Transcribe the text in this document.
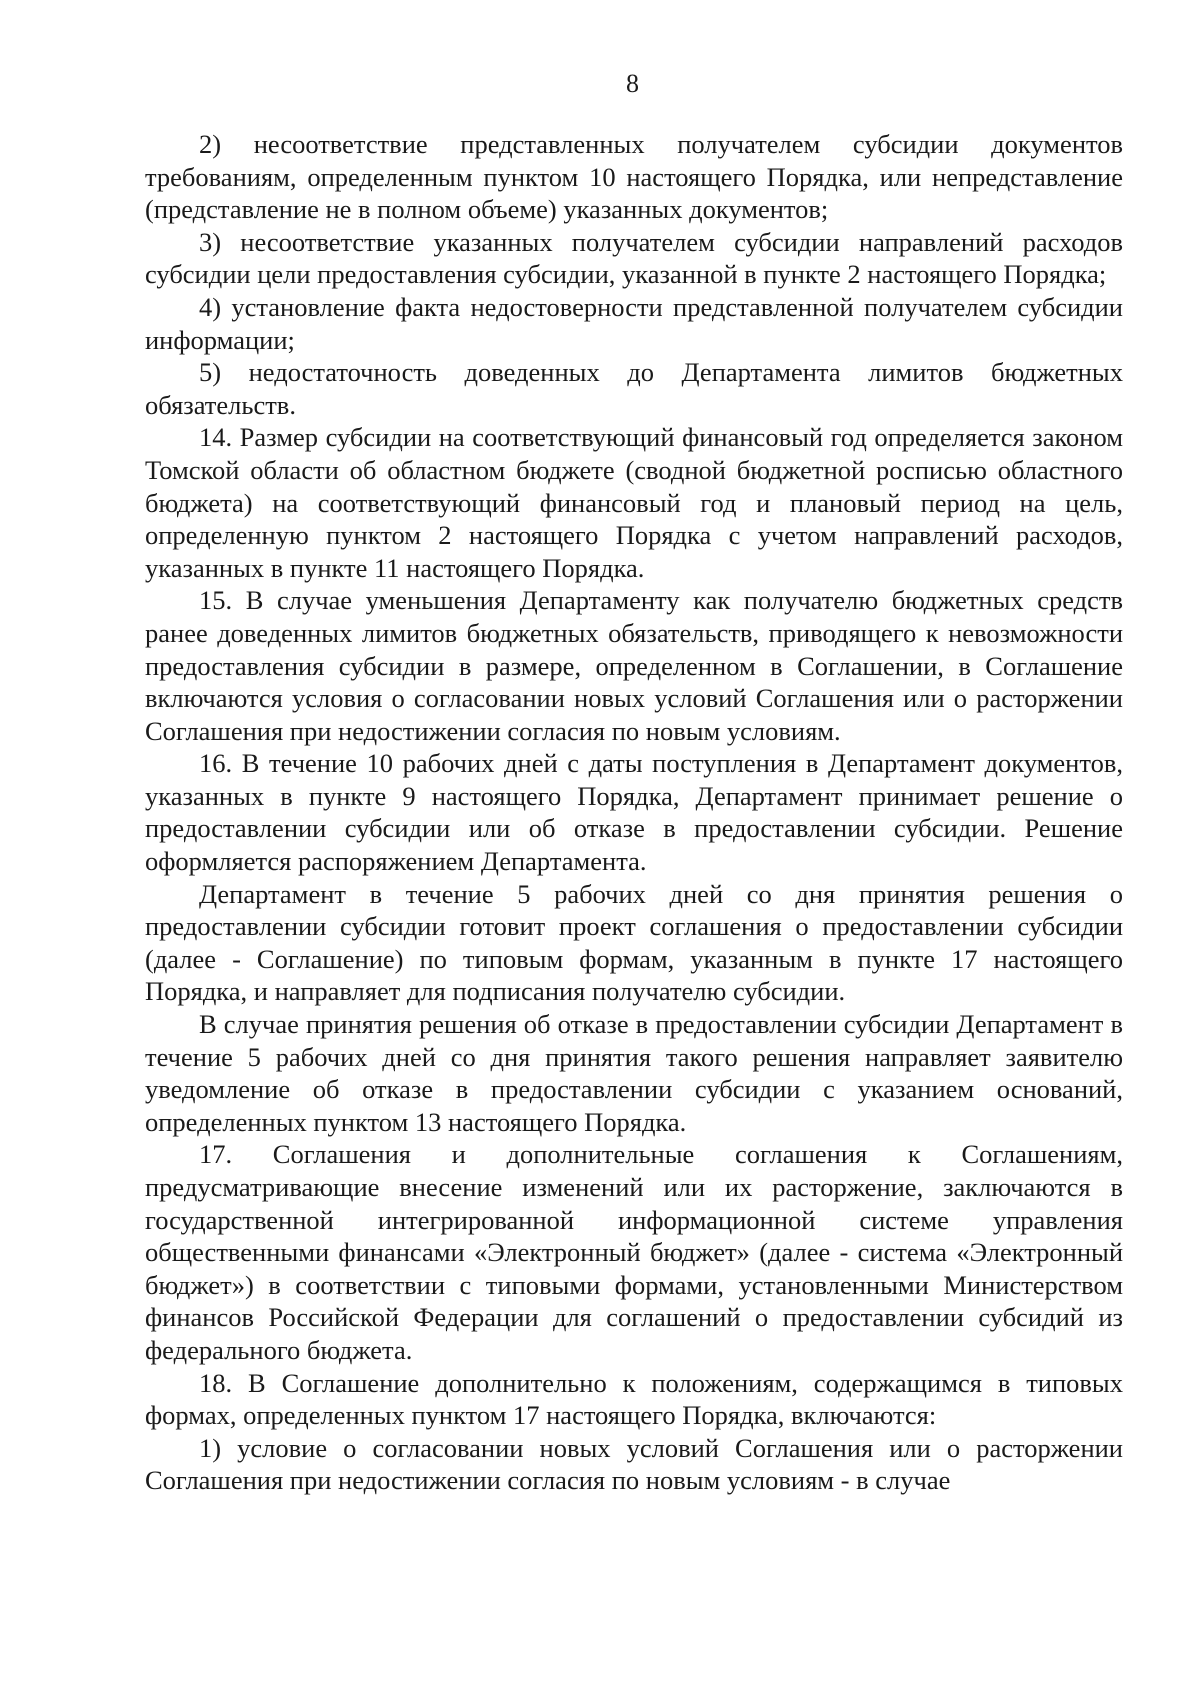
8

2) несоответствие представленных получателем субсидии документов требованиям, определенным пунктом 10 настоящего Порядка, или непредставление (представление не в полном объеме) указанных документов;

3) несоответствие указанных получателем субсидии направлений расходов субсидии цели предоставления субсидии, указанной в пункте 2 настоящего Порядка;

4) установление факта недостоверности представленной получателем субсидии информации;

5) недостаточность доведенных до Департамента лимитов бюджетных обязательств.

14. Размер субсидии на соответствующий финансовый год определяется законом Томской области об областном бюджете (сводной бюджетной росписью областного бюджета) на соответствующий финансовый год и плановый период на цель, определенную пунктом 2 настоящего Порядка с учетом направлений расходов, указанных в пункте 11 настоящего Порядка.

15. В случае уменьшения Департаменту как получателю бюджетных средств ранее доведенных лимитов бюджетных обязательств, приводящего к невозможности предоставления субсидии в размере, определенном в Соглашении, в Соглашение включаются условия о согласовании новых условий Соглашения или о расторжении Соглашения при недостижении согласия по новым условиям.

16. В течение 10 рабочих дней с даты поступления в Департамент документов, указанных в пункте 9 настоящего Порядка, Департамент принимает решение о предоставлении субсидии или об отказе в предоставлении субсидии. Решение оформляется распоряжением Департамента.

Департамент в течение 5 рабочих дней со дня принятия решения о предоставлении субсидии готовит проект соглашения о предоставлении субсидии (далее - Соглашение) по типовым формам, указанным в пункте 17 настоящего Порядка, и направляет для подписания получателю субсидии.

В случае принятия решения об отказе в предоставлении субсидии Департамент в течение 5 рабочих дней со дня принятия такого решения направляет заявителю уведомление об отказе в предоставлении субсидии с указанием оснований, определенных пунктом 13 настоящего Порядка.

17. Соглашения и дополнительные соглашения к Соглашениям, предусматривающие внесение изменений или их расторжение, заключаются в государственной интегрированной информационной системе управления общественными финансами «Электронный бюджет» (далее - система «Электронный бюджет») в соответствии с типовыми формами, установленными Министерством финансов Российской Федерации для соглашений о предоставлении субсидий из федерального бюджета.

18. В Соглашение дополнительно к положениям, содержащимся в типовых формах, определенных пунктом 17 настоящего Порядка, включаются:

1) условие о согласовании новых условий Соглашения или о расторжении Соглашения при недостижении согласия по новым условиям - в случае
